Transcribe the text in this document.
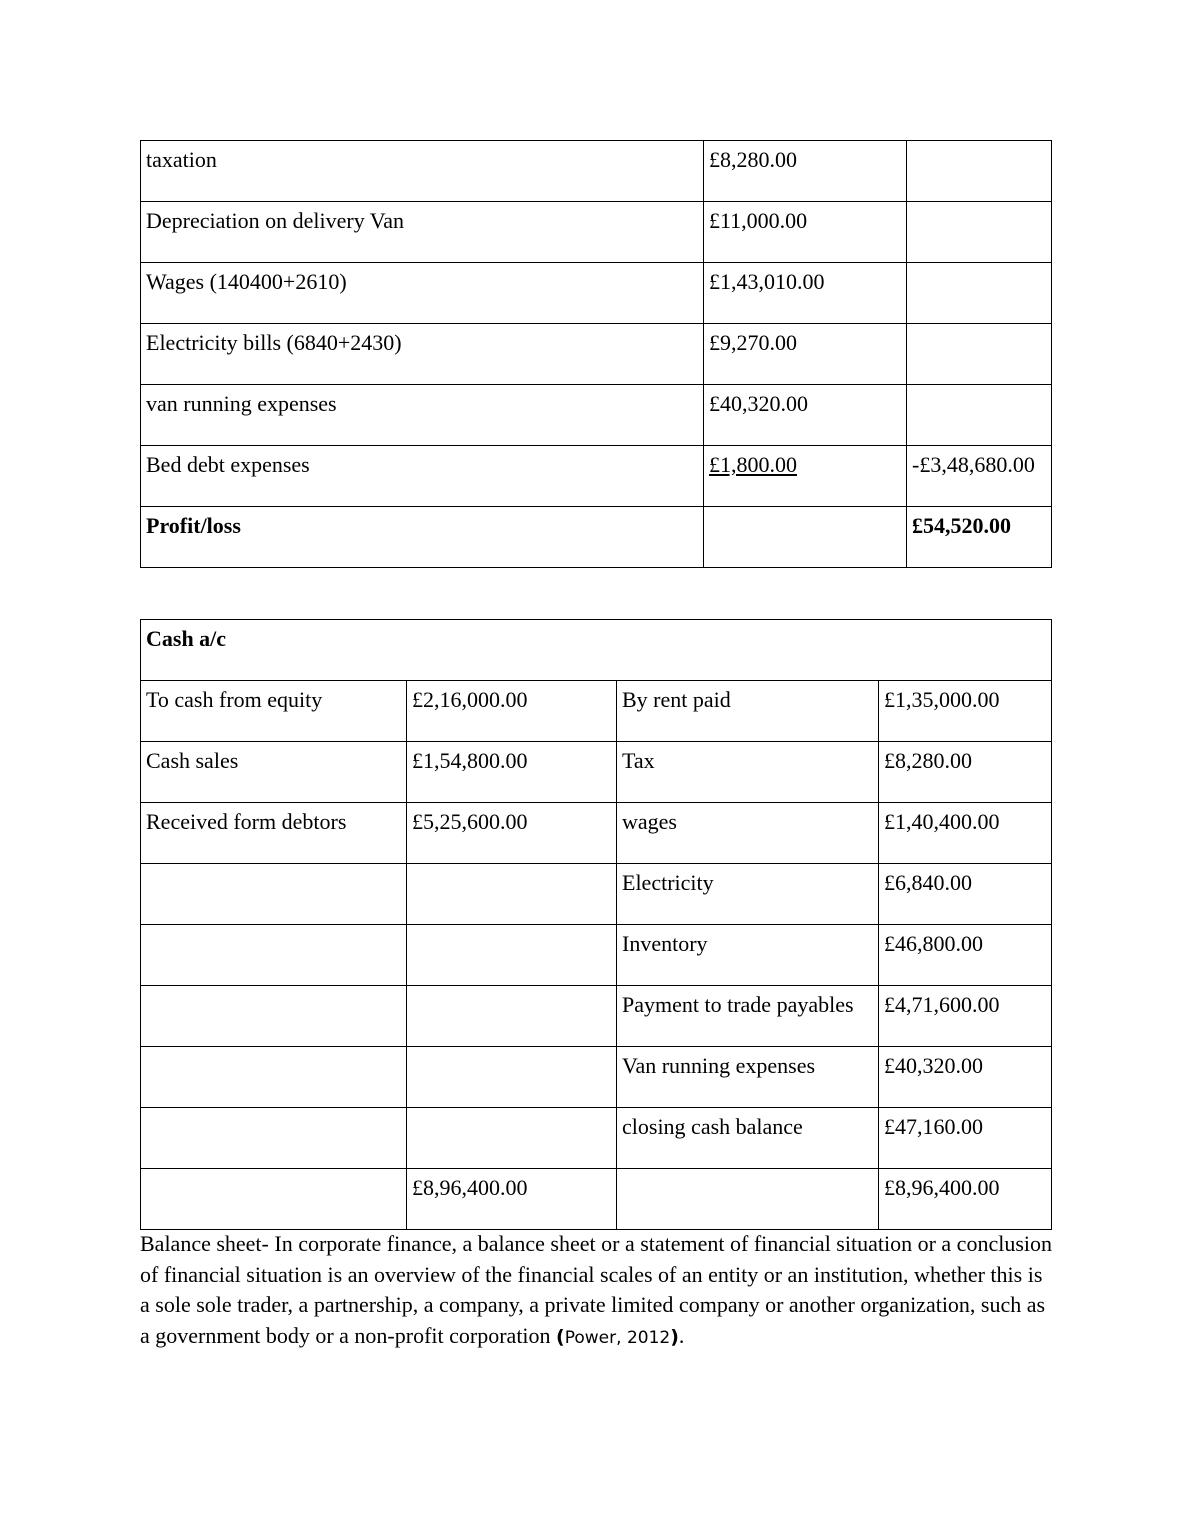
taxation	£8,280.00	
Depreciation on delivery Van	£11,000.00	
Wages (140400+2610)	£1,43,010.00	
Electricity bills (6840+2430)	£9,270.00	
van running expenses	£40,320.00	
Bed debt expenses	£1,800.00	-£3,48,680.00
Profit/loss		£54,520.00
Cash a/c			
To cash from equity	£2,16,000.00	By rent paid	£1,35,000.00
Cash sales	£1,54,800.00	Tax	£8,280.00
Received form debtors	£5,25,600.00	wages	£1,40,400.00
		Electricity	£6,840.00
		Inventory	£46,800.00
		Payment to trade payables	£4,71,600.00
		Van running expenses	£40,320.00
		closing cash balance	£47,160.00
	£8,96,400.00		£8,96,400.00

Balance sheet- In corporate finance, a balance sheet or a statement of financial situation or a conclusion of financial situation is an overview of the financial scales of an entity or an institution, whether this is a sole sole trader, a partnership, a company, a private limited company or another organization, such as a government body or a non-profit corporation (Power, 2012).
